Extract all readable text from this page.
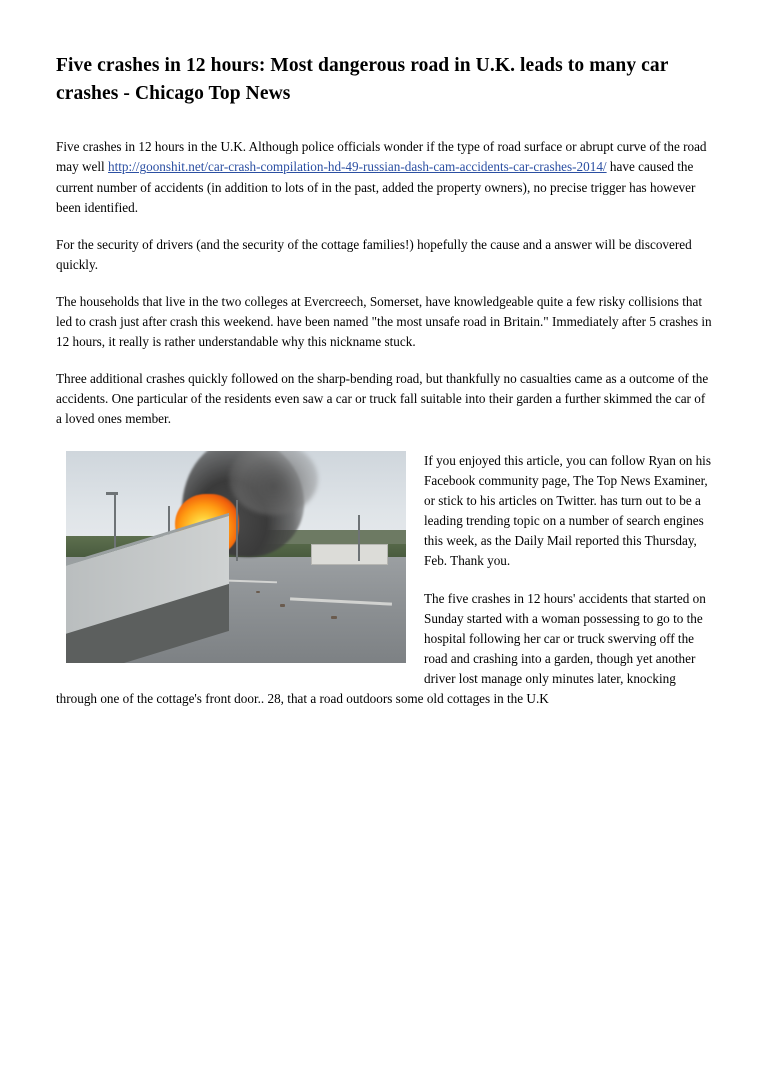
Five crashes in 12 hours: Most dangerous road in U.K. leads to many car crashes - Chicago Top News

Five crashes in 12 hours in the U.K. Although police officials wonder if the type of road surface or abrupt curve of the road may well http://goonshit.net/car-crash-compilation-hd-49-russian-dash-cam-accidents-car-crashes-2014/ have caused the current number of accidents (in addition to lots of in the past, added the property owners), no precise trigger has however been identified.

For the security of drivers (and the security of the cottage families!) hopefully the cause and a answer will be discovered quickly.

The households that live in the two colleges at Evercreech, Somerset, have knowledgeable quite a few risky collisions that led to crash just after crash this weekend. have been named "the most unsafe road in Britain." Immediately after 5 crashes in 12 hours, it really is rather understandable why this nickname stuck.

Three additional crashes quickly followed on the sharp-bending road, but thankfully no casualties came as a outcome of the accidents. One particular of the residents even saw a car or truck fall suitable into their garden a further skimmed the car of a loved ones member.

If you enjoyed this article, you can follow Ryan on his Facebook community page, The Top News Examiner, or stick to his articles on Twitter. has turn out to be a leading trending topic on a number of search engines this week, as the Daily Mail reported this Thursday, Feb. Thank you.

The five crashes in 12 hours' accidents that started on Sunday started with a woman possessing to go to the hospital following her car or truck swerving off the road and crashing into a garden, though yet another driver lost manage only minutes later, knocking through one of the cottage's front door.. 28, that a road outdoors some old cottages in the U.K
